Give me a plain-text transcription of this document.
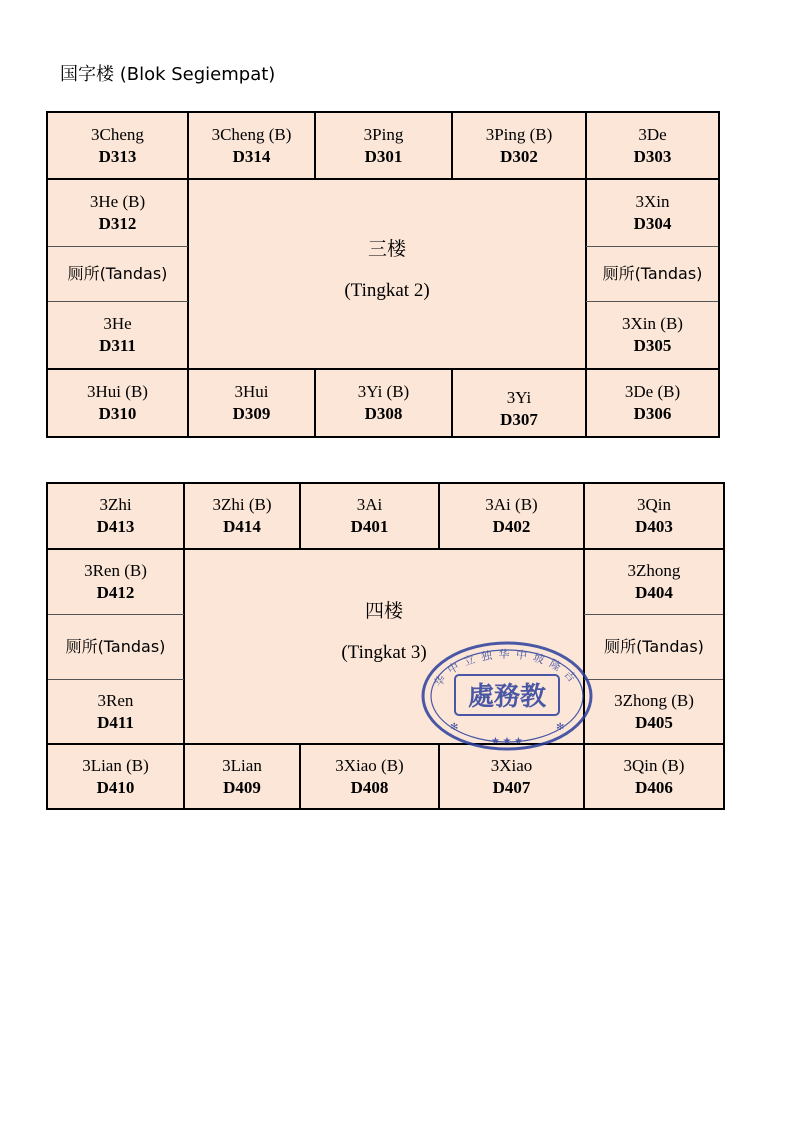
国字楼 (Blok Segiempat)
3Cheng
D313
3Cheng (B)
D314
3Ping
D301
3Ping (B)
D302
3De
D303
3Hui (B)
D310
3Hui
D309
3Yi (B)
D308
3Yi
D307
3De (B)
D306
3He (B)
D312
厕所(Tandas)
3He
D311
3Xin
D304
厕所(Tandas)
3Xin (B)
D305
三楼
(Tingkat 2)
3Zhi
D413
3Zhi (B)
D414
3Ai
D401
3Ai (B)
D402
3Qin
D403
3Lian (B)
D410
3Lian
D409
3Xiao (B)
D408
3Xiao
D407
3Qin (B)
D406
3Ren (B)
D412
厕所(Tandas)
3Ren
D411
3Zhong
D404
厕所(Tandas)
3Zhong (B)
D405
四楼
(Tingkat 3)
华中立独华中坡隆吉
處務教
★ ★ ★
✻	✻
